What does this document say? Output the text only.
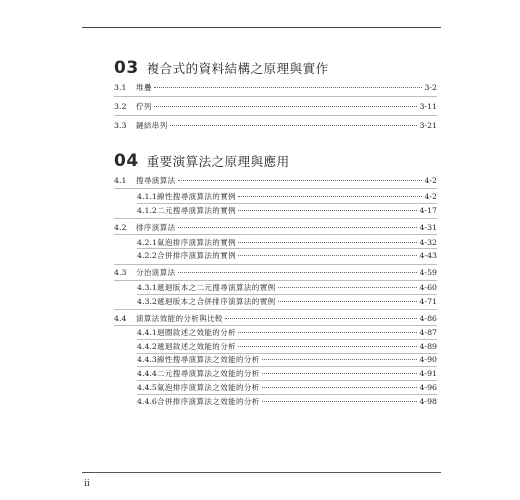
03 複合式的資料結構之原理與實作
3.1	堆疊	3-2
3.2	佇列	3-11
3.3	鏈結串列	3-21
04 重要演算法之原理與應用
4.1	搜尋演算法	4-2
4.1.1 線性搜尋演算法的實例	4-2
4.1.2 二元搜尋演算法的實例	4-17
4.2	排序演算法	4-31
4.2.1 氣泡排序演算法的實例	4-32
4.2.2 合併排序演算法的實例	4-43
4.3	分治演算法	4-59
4.3.1 遞迴版本之二元搜尋演算法的實例	4-60
4.3.2 遞迴版本之合併排序演算法的實例	4-71
4.4	演算法效能的分析與比較	4-86
4.4.1 迴圈敘述之效能的分析	4-87
4.4.2 遞迴敘述之效能的分析	4-89
4.4.3 線性搜尋演算法之效能的分析	4-90
4.4.4 二元搜尋演算法之效能的分析	4-91
4.4.5 氣泡排序演算法之效能的分析	4-96
4.4.6 合併排序演算法之效能的分析	4-98
ii
